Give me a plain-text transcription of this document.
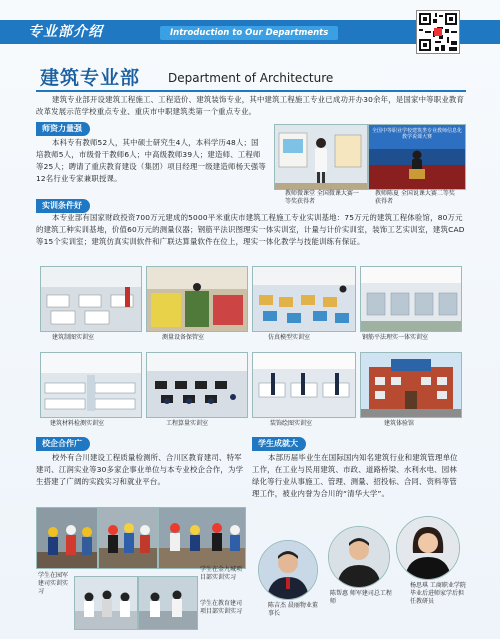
专业部介绍	Introduction to Our Departments
建筑专业部 Department of Architecture
建筑专业部开设建筑工程施工、工程造价、建筑装饰专业，其中建筑工程施工专业已成功开办30余年，是国家中等职业教育改革发展示范学校重点专业、重庆市中职建筑类第一个重点专业。
师资力量强
本科专有教师52人，其中硕士研究生4人，本科学历48人；国培教师5人，市级骨干教师6人；中高级教师39人；建造师、工程师等25人；聘请了重庆教育建设（集团）项目经理一级建造师杨天强等12名行业专家兼职授课。
全国中等职业学校建筑类专业教师信息化教学说课大赛
教师微课堂 全国微课大赛一等奖获得者
教师陈夏 全国说课大赛二等奖获得者
实训条件好
本专业部有国家财政投资700万元建成的5000平米重庆市建筑工程施工专业实训基地：75万元的建筑工程体验馆，80万元的建筑工种实训基地，价值60万元的测量仪器；钢筋平法识图理实一体实训室，计量与计价实训室，装饰工艺实训室，建筑CAD等15个实训室；建筑仿真实训软件和广联达算量软件在位上，理实一体化教学与技能训练有保证。
建筑制图实训室	测量设备保管室	仿真模型实训室	钢筋平法理实一体实训室
建筑材料检测实训室	工程算量实训室	装饰绘图实训室	建筑体验馆
校企合作广
校外有合川建设工程质量检测所、合川区教育建司、特军建司、江润实业等30多家企事业单位与本专业校企合作，为学生搭建了广阔的实践实习和就业平台。
学生在园军建司实训实习
学生在金九城项目部实训实习
学生在教育建司项目部实训实习
学生成就大
本部历届毕业生在国际国内知名建筑行业和建筑管理单位工作，在工业与民用建筑、市政、道路桥梁、水利水电、园林绿化等行业从事施工、管理、测量、招投标、合同、资料等管理工作，被业内誉为合川的“清华大学”。
陈吉杰 晨丽物业董事长
陈帮惠 师军建司总工程师
杨思琪 工商职业学院毕业后进师家学后担任教研员
